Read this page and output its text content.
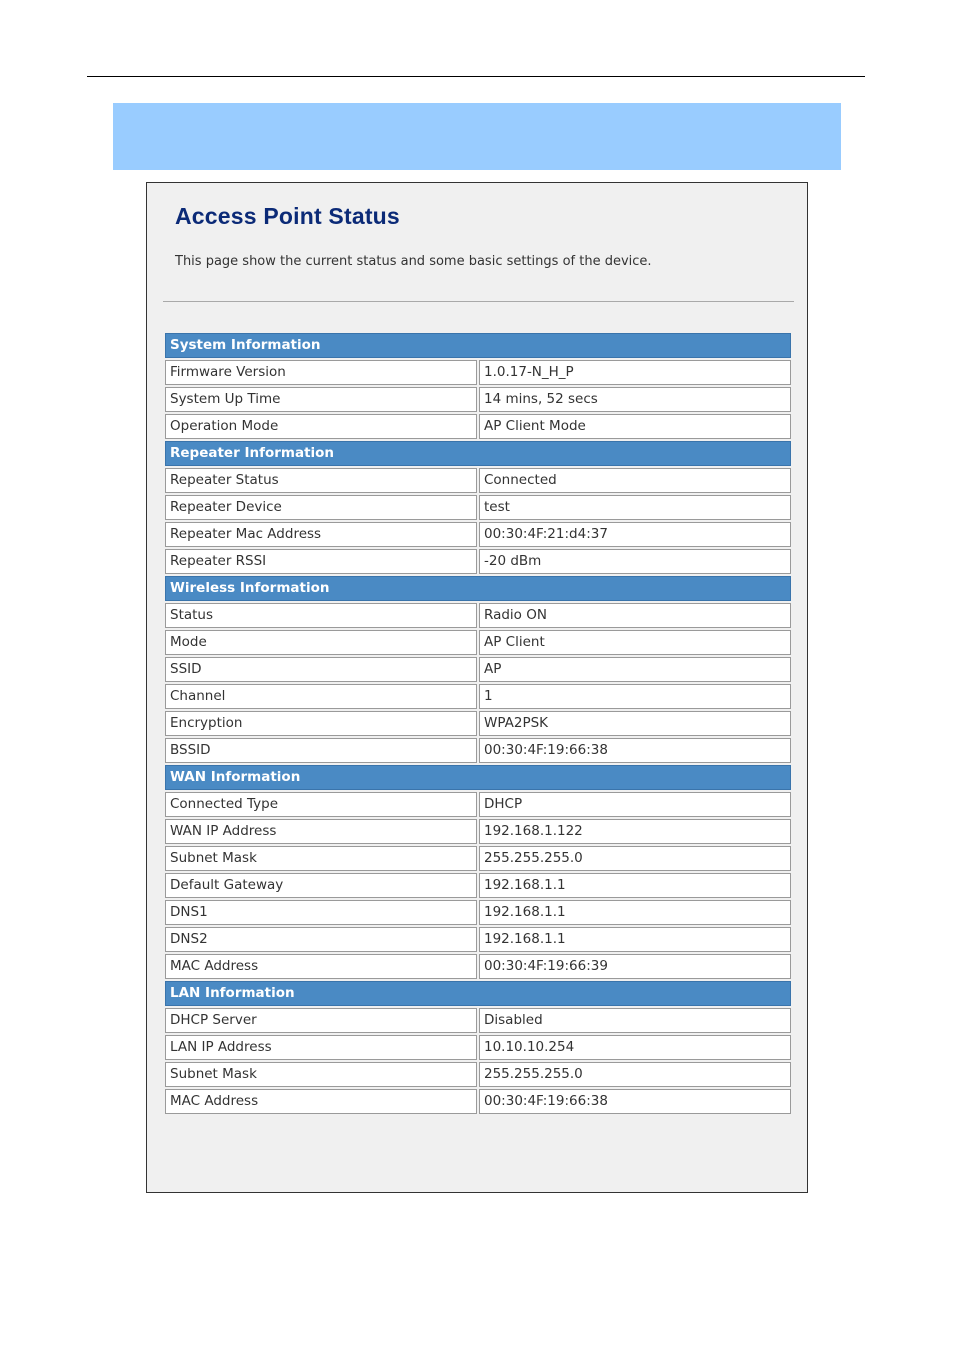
Access Point Status

This page show the current status and some basic settings of the device.

System Information	
Firmware Version	1.0.17-N_H_P
System Up Time	14 mins, 52 secs
Operation Mode	AP Client Mode
Repeater Information	
Repeater Status	Connected
Repeater Device	test
Repeater Mac Address	00:30:4F:21:d4:37
Repeater RSSI	-20 dBm
Wireless Information	
Status	Radio ON
Mode	AP Client
SSID	AP
Channel	1
Encryption	WPA2PSK
BSSID	00:30:4F:19:66:38
WAN Information	
Connected Type	DHCP
WAN IP Address	192.168.1.122
Subnet Mask	255.255.255.0
Default Gateway	192.168.1.1
DNS1	192.168.1.1
DNS2	192.168.1.1
MAC Address	00:30:4F:19:66:39
LAN Information	
DHCP Server	Disabled
LAN IP Address	10.10.10.254
Subnet Mask	255.255.255.0
MAC Address	00:30:4F:19:66:38
